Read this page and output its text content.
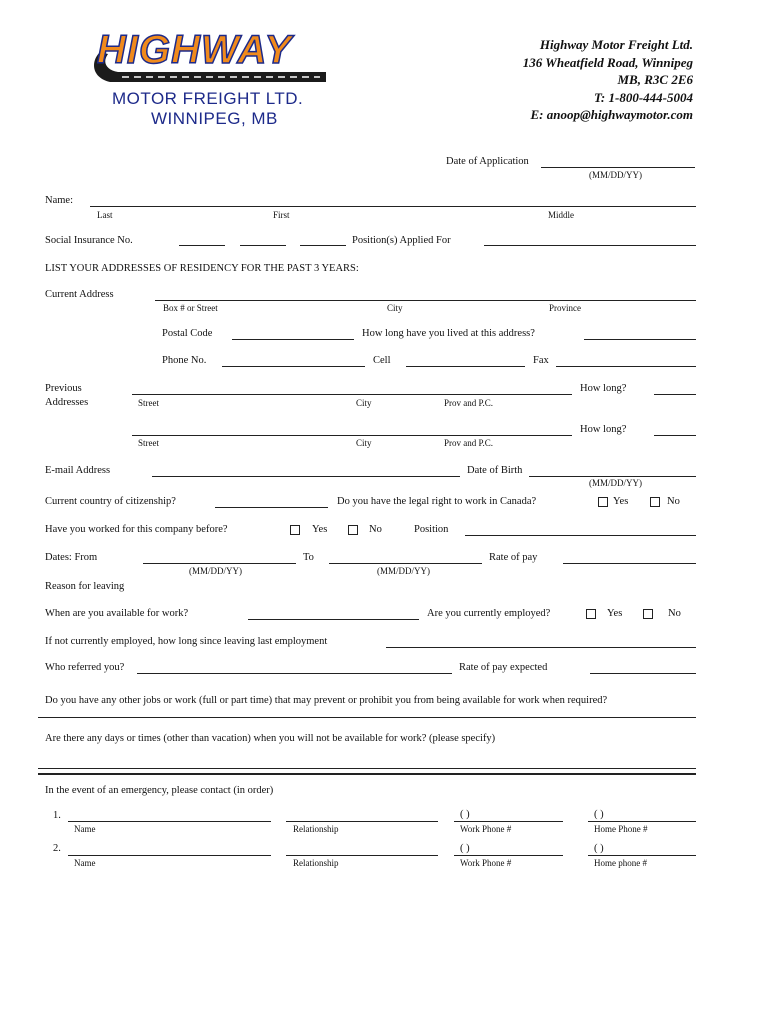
HIGHWAY
MOTOR FREIGHT LTD.
WINNIPEG, MB
Highway Motor Freight Ltd.
136 Wheatfield Road, Winnipeg
MB, R3C 2E6
T: 1-800-444-5004
E: anoop@highwaymotor.com
Date of Application
(MM/DD/YY)
Name:
Last	First	Middle
Social Insurance No.	Position(s) Applied For
LIST YOUR ADDRESSES OF RESIDENCY FOR THE PAST 3 YEARS:
Current Address
Box # or Street	City	Province
Postal Code	How long have you lived at this address?
Phone No.	Cell	Fax
Previous
Addresses
How long?
Street	City	Prov and P.C.
How long?
Street	City	Prov and P.C.
E-mail Address	Date of Birth
(MM/DD/YY)
Current country of citizenship?	Do you have the legal right to work in Canada?	Yes	No
Have you worked for this company before?	Yes	No	Position
Dates: From
(MM/DD/YY)
To
(MM/DD/YY)
Rate of pay
Reason for leaving
When are you available for work?	Are you currently employed?	Yes	No
If not currently employed, how long since leaving last employment
Who referred you?	Rate of pay expected
Do you have any other jobs or work (full or part time) that may prevent or prohibit you from being available for work when required?
Are there any days or times (other than vacation) when you will not be available for work? (please specify)
In the event of an emergency, please contact (in order)
1.	( )	( )
Name	Relationship	Work Phone #	Home Phone #
2.	( )	( )
Name	Relationship	Work Phone #	Home phone #
